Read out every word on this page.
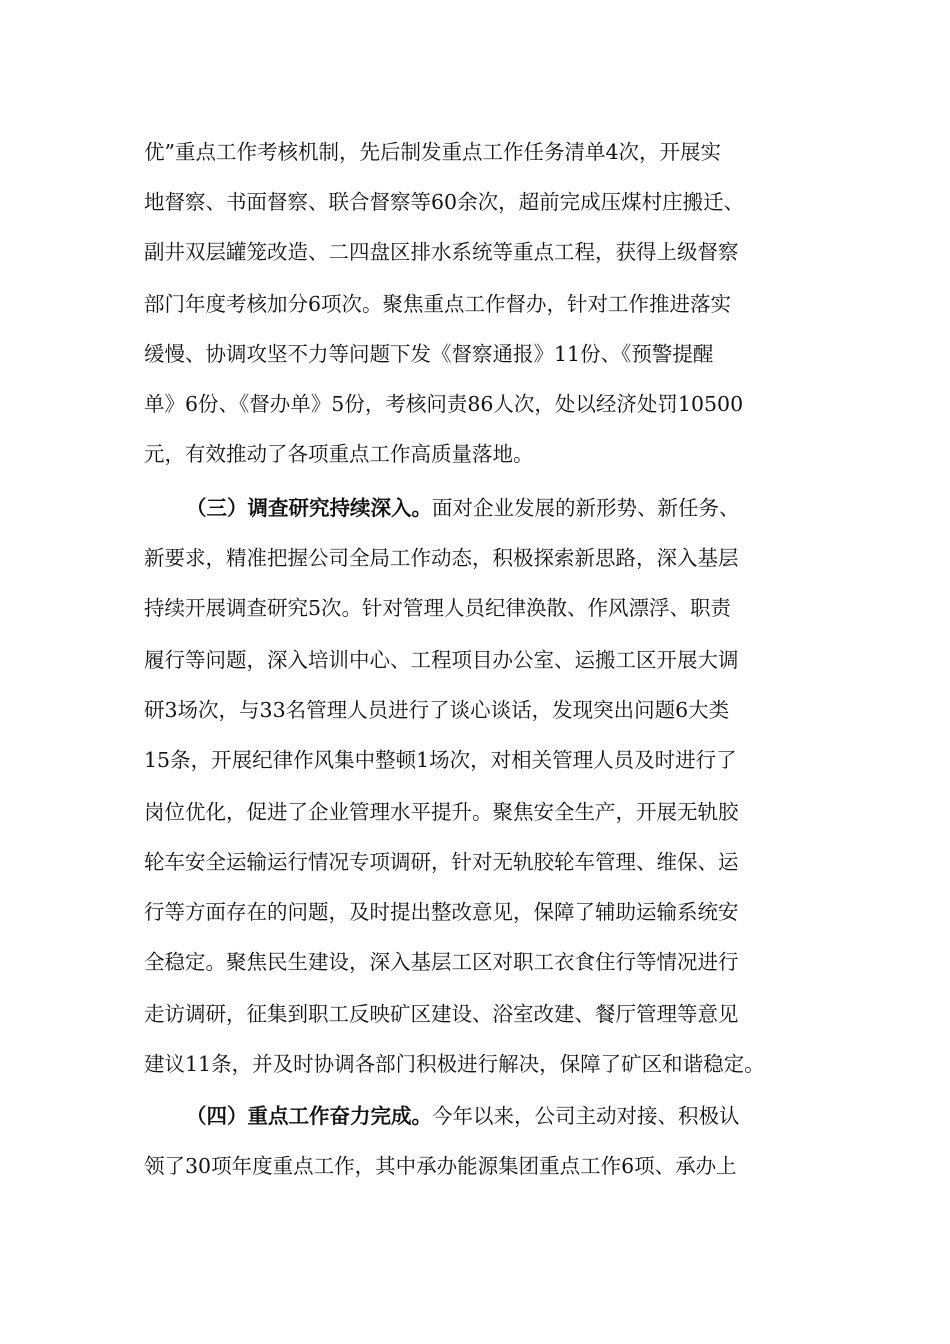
优”重点工作考核机制，先后制发重点工作任务清单4次，开展实
地督察、书面督察、联合督察等60余次，超前完成压煤村庄搬迁、
副井双层罐笼改造、二四盘区排水系统等重点工程，获得上级督察
部门年度考核加分6项次。聚焦重点工作督办，针对工作推进落实
缓慢、协调攻坚不力等问题下发《督察通报》11份、《预警提醒
单》6份、《督办单》5份，考核问责86人次，处以经济处罚10500
元，有效推动了各项重点工作高质量落地。
（三）调查研究持续深入。面对企业发展的新形势、新任务、
新要求，精准把握公司全局工作动态，积极探索新思路，深入基层
持续开展调查研究5次。针对管理人员纪律涣散、作风漂浮、职责
履行等问题，深入培训中心、工程项目办公室、运搬工区开展大调
研3场次，与33名管理人员进行了谈心谈话，发现突出问题6大类
15条，开展纪律作风集中整顿1场次，对相关管理人员及时进行了
岗位优化，促进了企业管理水平提升。聚焦安全生产，开展无轨胶
轮车安全运输运行情况专项调研，针对无轨胶轮车管理、维保、运
行等方面存在的问题，及时提出整改意见，保障了辅助运输系统安
全稳定。聚焦民生建设，深入基层工区对职工衣食住行等情况进行
走访调研，征集到职工反映矿区建设、浴室改建、餐厅管理等意见
建议11条，并及时协调各部门积极进行解决，保障了矿区和谐稳定。
（四）重点工作奋力完成。今年以来，公司主动对接、积极认
领了30项年度重点工作，其中承办能源集团重点工作6项、承办上
